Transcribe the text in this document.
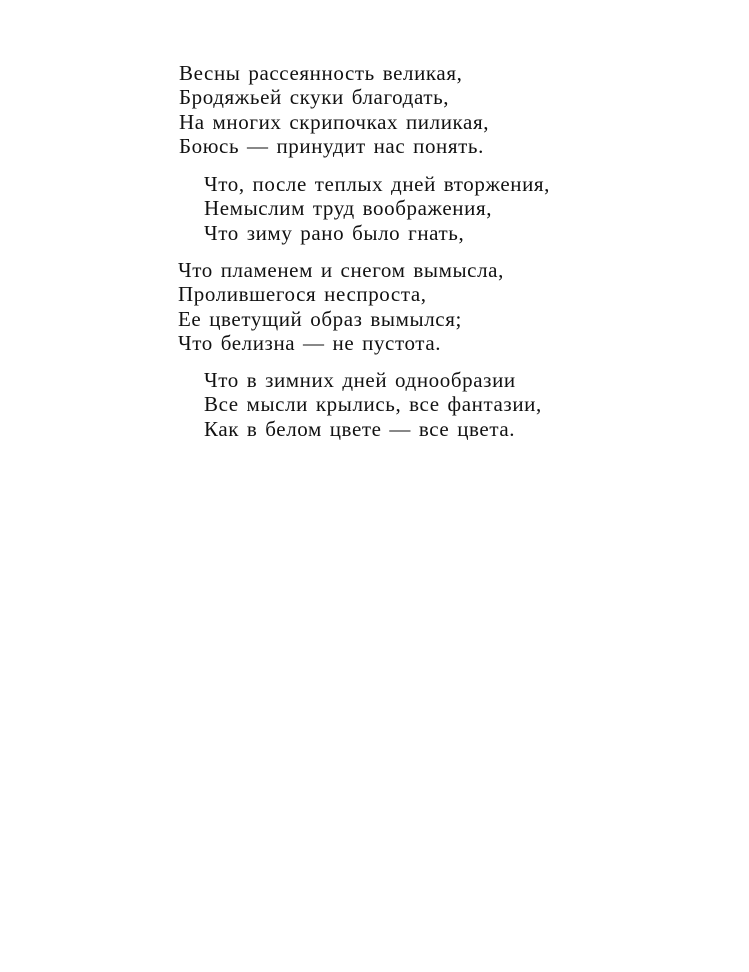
Весны рассеянность великая,
Бродяжьей скуки благодать,
На многих скрипочках пиликая,
Боюсь — принудит нас понять.
Что, после теплых дней вторжения,
Немыслим труд воображения,
Что зиму рано было гнать,
Что пламенем и снегом вымысла,
Пролившегося неспроста,
Ее цветущий образ вымылся;
Что белизна — не пустота.
Что в зимних дней однообразии
Все мысли крылись, все фантазии,
Как в белом цвете — все цвета.
